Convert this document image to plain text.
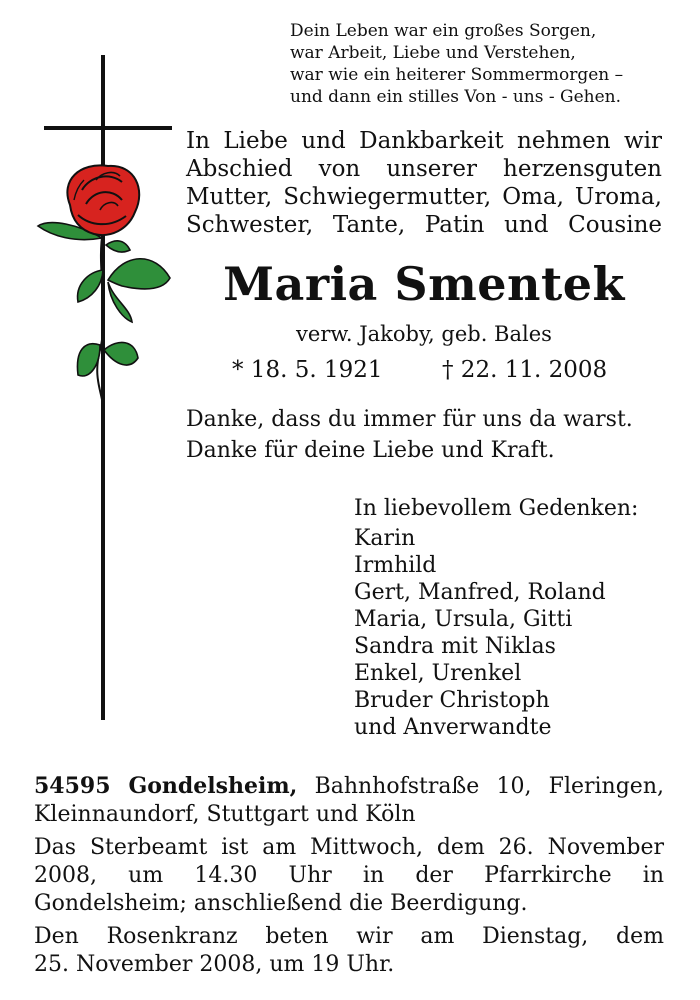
Dein Leben war ein großes Sorgen,
war Arbeit, Liebe und Verstehen,
war wie ein heiterer Sommermorgen –
und dann ein stilles Von - uns - Gehen.
In Liebe und Dankbarkeit nehmen wir
Abschied von unserer herzensguten
Mutter, Schwiegermutter, Oma, Uroma,
Schwester, Tante, Patin und Cousine
Maria Smentek
verw. Jakoby, geb. Bales
* 18. 5. 1921	† 22. 11. 2008
Danke, dass du immer für uns da warst.
Danke für deine Liebe und Kraft.
In liebevollem Gedenken:
Karin
Irmhild
Gert, Manfred, Roland
Maria, Ursula, Gitti
Sandra mit Niklas
Enkel, Urenkel
Bruder Christoph
und Anverwandte

54595 Gondelsheim, Bahnhofstraße 10, Fleringen,

Kleinnaundorf, Stuttgart und Köln

Das Sterbeamt ist am Mittwoch, dem 26. November

2008, um 14.30 Uhr in der Pfarrkirche in

Gondelsheim; anschließend die Beerdigung.

Den Rosenkranz beten wir am Dienstag, dem

25. November 2008, um 19 Uhr.
